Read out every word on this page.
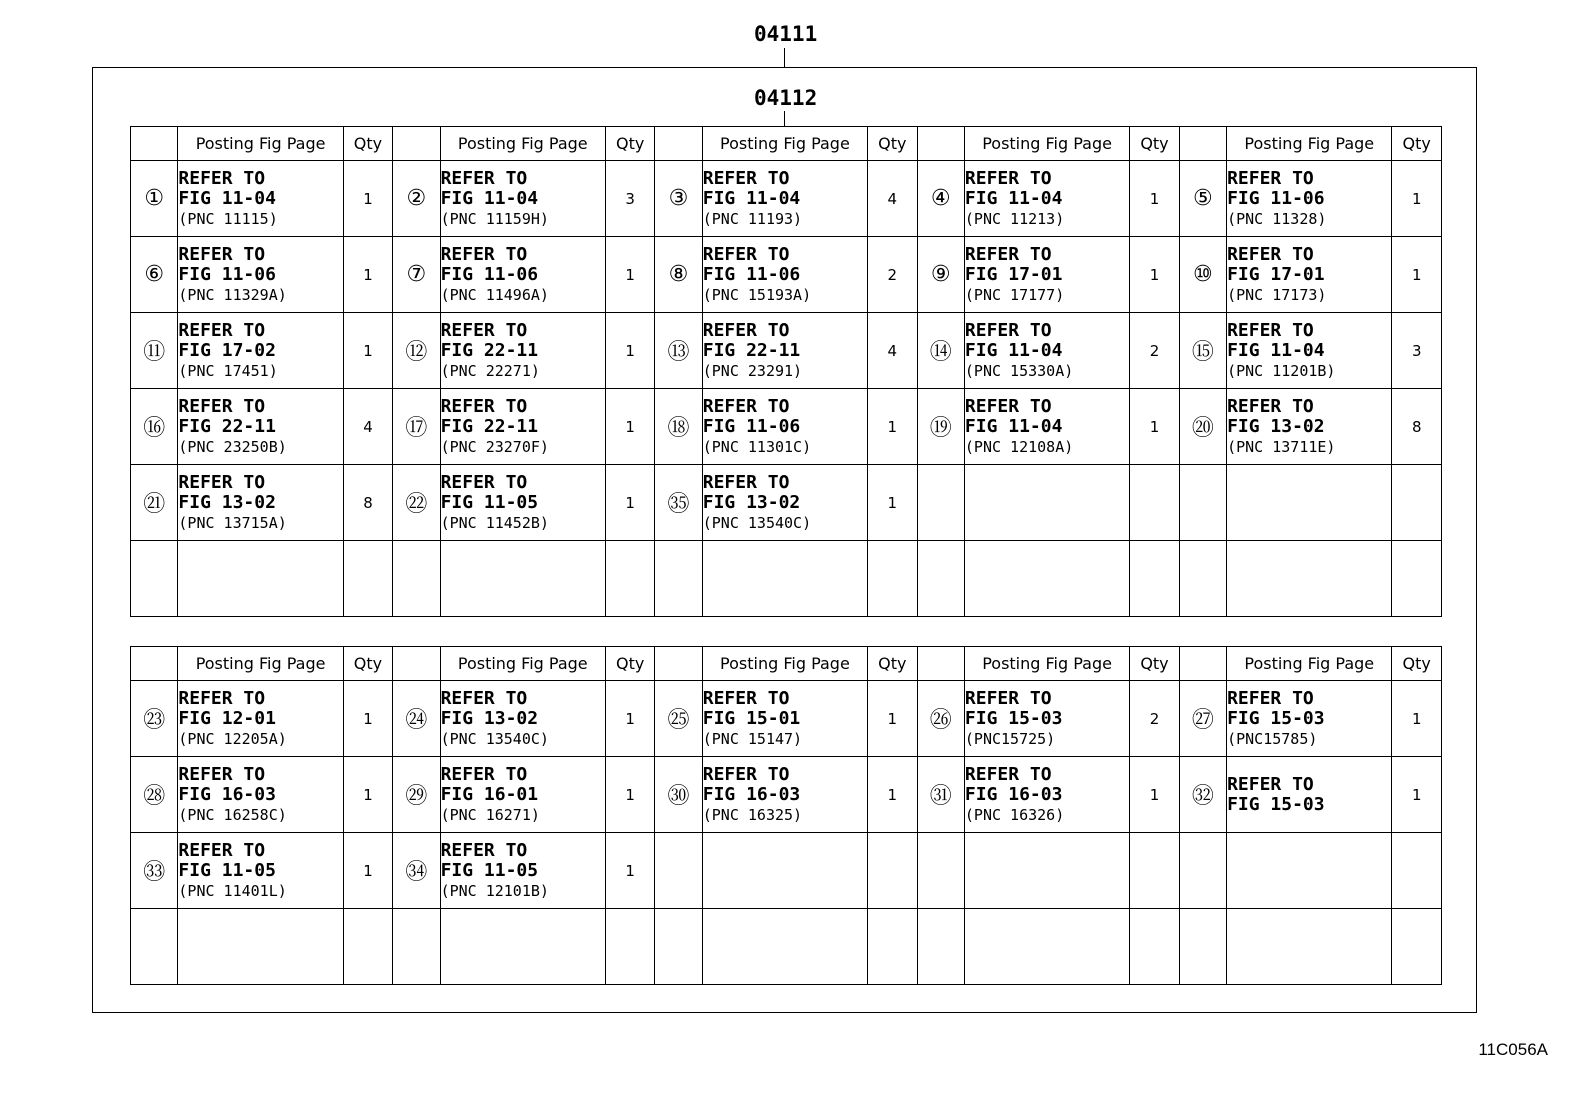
04111
04112
	Posting Fig Page	Qty		Posting Fig Page	Qty		Posting Fig Page	Qty		Posting Fig Page	Qty		Posting Fig Page	Qty
①	REFER TO
FIG 11-04
(PNC 11115)	1	②	REFER TO
FIG 11-04
(PNC 11159H)	3	③	REFER TO
FIG 11-04
(PNC 11193)	4	④	REFER TO
FIG 11-04
(PNC 11213)	1	⑤	REFER TO
FIG 11-06
(PNC 11328)	1
⑥	REFER TO
FIG 11-06
(PNC 11329A)	1	⑦	REFER TO
FIG 11-06
(PNC 11496A)	1	⑧	REFER TO
FIG 11-06
(PNC 15193A)	2	⑨	REFER TO
FIG 17-01
(PNC 17177)	1	⑩	REFER TO
FIG 17-01
(PNC 17173)	1
⑪	REFER TO
FIG 17-02
(PNC 17451)	1	⑫	REFER TO
FIG 22-11
(PNC 22271)	1	⑬	REFER TO
FIG 22-11
(PNC 23291)	4	⑭	REFER TO
FIG 11-04
(PNC 15330A)	2	⑮	REFER TO
FIG 11-04
(PNC 11201B)	3
⑯	REFER TO
FIG 22-11
(PNC 23250B)	4	⑰	REFER TO
FIG 22-11
(PNC 23270F)	1	⑱	REFER TO
FIG 11-06
(PNC 11301C)	1	⑲	REFER TO
FIG 11-04
(PNC 12108A)	1	⑳	REFER TO
FIG 13-02
(PNC 13711E)	8
㉑	REFER TO
FIG 13-02
(PNC 13715A)	8	㉒	REFER TO
FIG 11-05
(PNC 11452B)	1	㉟	REFER TO
FIG 13-02
(PNC 13540C)	1		

	Posting Fig Page	Qty		Posting Fig Page	Qty		Posting Fig Page	Qty		Posting Fig Page	Qty		Posting Fig Page	Qty
㉓	REFER TO
FIG 12-01
(PNC 12205A)	1	㉔	REFER TO
FIG 13-02
(PNC 13540C)	1	㉕	REFER TO
FIG 15-01
(PNC 15147)	1	㉖	REFER TO
FIG 15-03
(PNC15725)	2	㉗	REFER TO
FIG 15-03
(PNC15785)	1
㉘	REFER TO
FIG 16-03
(PNC 16258C)	1	㉙	REFER TO
FIG 16-01
(PNC 16271)	1	㉚	REFER TO
FIG 16-03
(PNC 16325)	1	㉛	REFER TO
FIG 16-03
(PNC 16326)	1	㉜	REFER TO
FIG 15-03	1
㉝	REFER TO
FIG 11-05
(PNC 11401L)	1	㉞	REFER TO
FIG 11-05
(PNC 12101B)	1		

11C056A
